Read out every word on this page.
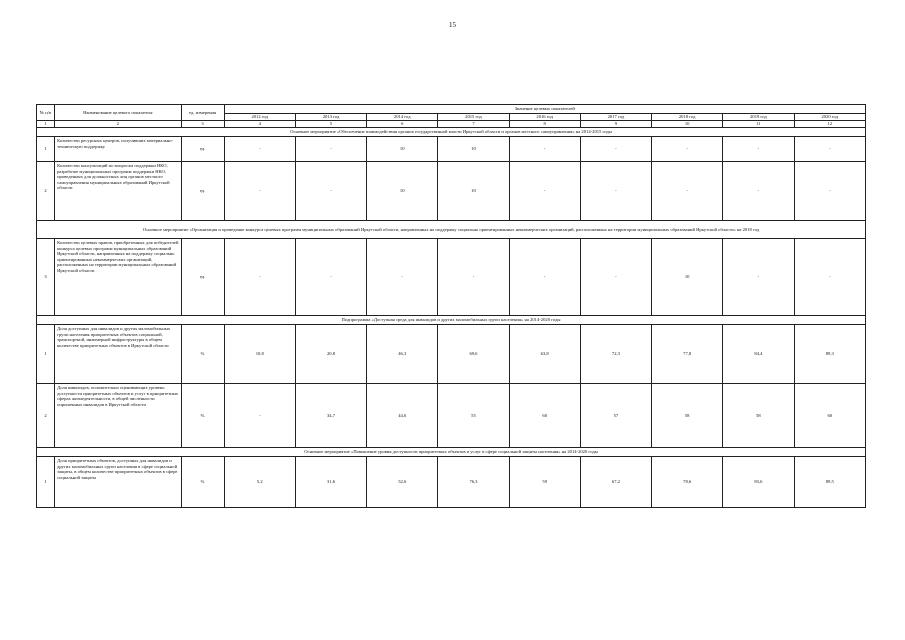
15
№ п/п	Наименование целевого показателя	ед. измерения	Значение целевых показателей								
			2012 год	2013 год	2014 год	2015 год	2016 год	2017 год	2018 год	2019 год	2020 год
1	2	3	4	5	6	7	8	9	10	11	12
Основное мероприятие «Обеспечение взаимодействия органов государственной власти Иркутской области и органов местного самоуправления» на 2014-2015 годы											
1	Количество ресурсных центров, получивших материально-техническую поддержку	ед.	-	-	10	10	-	-	-	-	-
2	Количество консультаций по вопросам поддержки НКО, разработке муниципальных программ поддержки НКО, проведенных для должностных лиц органов местного самоуправления муниципальных образований Иркутской области	ед.	-	-	10	10	-	-	-	-	-
Основное мероприятие «Организация и проведение конкурса целевых программ муниципальных образований Иркутской области, направленных на поддержку социально ориентированных некоммерческих организаций, расположенных на территории муниципальных образований Иркутской области» на 2018 год											
3	Количество целевых правов, приобретенных для победителей конкурса целевых программ муниципальных образований Иркутской области, направленных на поддержку социально ориентированных некоммерческих организаций, расположенных на территории муниципальных образований Иркутской области	ед.	-	-	-	-	-	-	10	-	-
Подпрограмма «Доступная среда для инвалидов и других маломобильных групп населения» на 2014-2020 годы											
1	Доля доступных для инвалидов и других маломобильных групп населения приоритетных объектов социальной, транспортной, инженерной инфраструктуры в общем количестве приоритетных объектов в Иркутской области	%	10,8	20,8	46,3	69,6	63,8	72,3	77,8	84,4	89,3
2	Доля инвалидов, положительно оценивающих уровень доступности приоритетных объектов и услуг в приоритетных сферах жизнедеятельности, в общей численности опрошенных инвалидов в Иркутской области	%	-	34,7	44,6	55	60	57	58	58	60
Основное мероприятие «Повышение уровня доступности приоритетных объектов и услуг в сфере социальной защиты населения» на 2014-2020 годы											
1	Доля приоритетных объектов, доступных для инвалидов и других маломобильных групп населения в сфере социальной защиты, в общем количестве приоритетных объектов в сфере социальной защиты	%	5,2	31,6	52,6	76,3	59	67,2	78,6	83,6	89,5
